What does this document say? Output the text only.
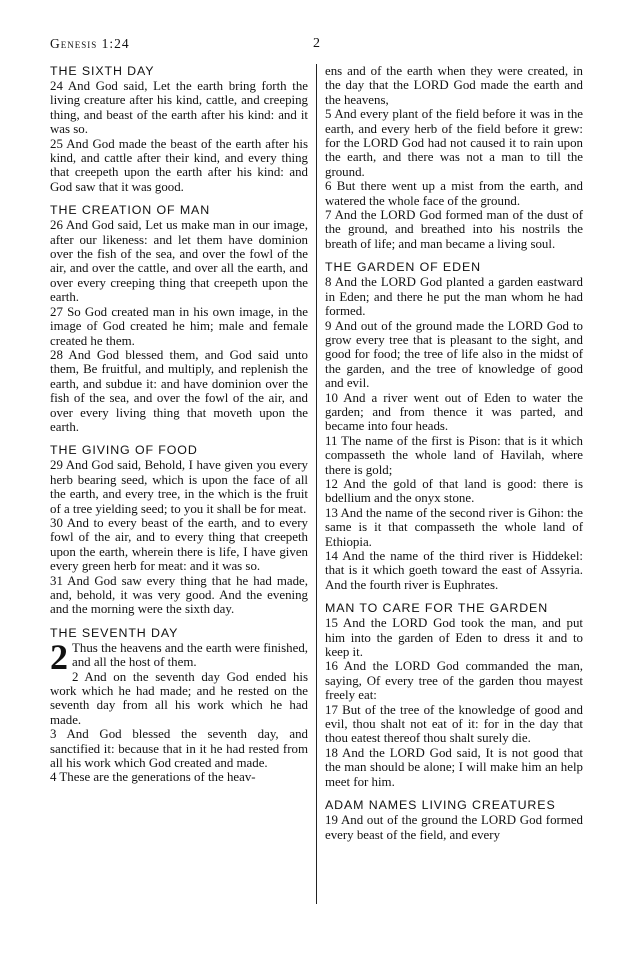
Genesis 1:24	2

THE SIXTH DAY

24 And God said, Let the earth bring forth the living creature after his kind, cattle, and creeping thing, and beast of the earth after his kind: and it was so.

25 And God made the beast of the earth after his kind, and cattle after their kind, and every thing that creepeth upon the earth after his kind: and God saw that it was good.

THE CREATION OF MAN

26 And God said, Let us make man in our image, after our likeness: and let them have dominion over the fish of the sea, and over the fowl of the air, and over the cattle, and over all the earth, and over every creeping thing that creepeth upon the earth.

27 So God created man in his own image, in the image of God created he him; male and female created he them.

28 And God blessed them, and God said unto them, Be fruitful, and multiply, and replenish the earth, and subdue it: and have dominion over the fish of the sea, and over the fowl of the air, and over every living thing that moveth upon the earth.

THE GIVING OF FOOD

29 And God said, Behold, I have given you every herb bearing seed, which is upon the face of all the earth, and every tree, in the which is the fruit of a tree yielding seed; to you it shall be for meat.

30 And to every beast of the earth, and to every fowl of the air, and to every thing that creepeth upon the earth, wherein there is life, I have given every green herb for meat: and it was so.

31 And God saw every thing that he had made, and, behold, it was very good. And the evening and the morning were the sixth day.

THE SEVENTH DAY

2 Thus the heavens and the earth were finished, and all the host of them.

2 And on the seventh day God ended his work which he had made; and he rested on the seventh day from all his work which he had made.

3 And God blessed the seventh day, and sanctified it: because that in it he had rested from all his work which God created and made.

4 These are the generations of the heav-

ens and of the earth when they were created, in the day that the LORD God made the earth and the heavens,

5 And every plant of the field before it was in the earth, and every herb of the field before it grew: for the LORD God had not caused it to rain upon the earth, and there was not a man to till the ground.

6 But there went up a mist from the earth, and watered the whole face of the ground.

7 And the LORD God formed man of the dust of the ground, and breathed into his nostrils the breath of life; and man became a living soul.

THE GARDEN OF EDEN

8 And the LORD God planted a garden eastward in Eden; and there he put the man whom he had formed.

9 And out of the ground made the LORD God to grow every tree that is pleasant to the sight, and good for food; the tree of life also in the midst of the garden, and the tree of knowledge of good and evil.

10 And a river went out of Eden to water the garden; and from thence it was parted, and became into four heads.

11 The name of the first is Pison: that is it which compasseth the whole land of Havilah, where there is gold;

12 And the gold of that land is good: there is bdellium and the onyx stone.

13 And the name of the second river is Gihon: the same is it that compasseth the whole land of Ethiopia.

14 And the name of the third river is Hiddekel: that is it which goeth toward the east of Assyria. And the fourth river is Euphrates.

MAN TO CARE FOR THE GARDEN

15 And the LORD God took the man, and put him into the garden of Eden to dress it and to keep it.

16 And the LORD God commanded the man, saying, Of every tree of the garden thou mayest freely eat:

17 But of the tree of the knowledge of good and evil, thou shalt not eat of it: for in the day that thou eatest thereof thou shalt surely die.

18 And the LORD God said, It is not good that the man should be alone; I will make him an help meet for him.

ADAM NAMES LIVING CREATURES

19 And out of the ground the LORD God formed every beast of the field, and every
